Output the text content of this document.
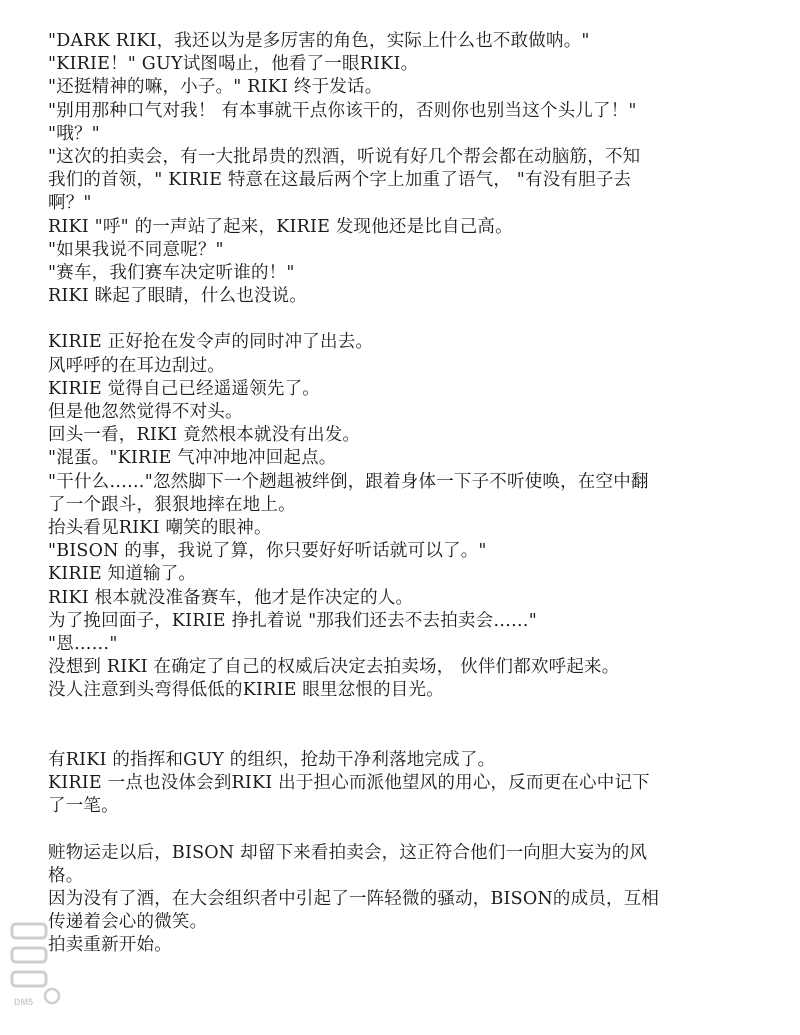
"DARK RIKI，我还以为是多厉害的角色，实际上什么也不敢做呐。"
"KIRIE！" GUY试图喝止，他看了一眼RIKI。
"还挺精神的嘛，小子。" RIKI 终于发话。
"别用那种口气对我！ 有本事就干点你该干的，否则你也别当这个头儿了！"
"哦？"
"这次的拍卖会，有一大批昂贵的烈酒，听说有好几个帮会都在动脑筋，不知
我们的首领，" KIRIE 特意在这最后两个字上加重了语气， "有没有胆子去
啊？"
RIKI "呼" 的一声站了起来，KIRIE 发现他还是比自己高。
"如果我说不同意呢？"
"赛车，我们赛车决定听谁的！"
RIKI 眯起了眼睛，什么也没说。
KIRIE 正好抢在发令声的同时冲了出去。
风呼呼的在耳边刮过。
KIRIE 觉得自己已经遥遥领先了。
但是他忽然觉得不对头。
回头一看，RIKI 竟然根本就没有出发。
"混蛋。"KIRIE 气冲冲地冲回起点。
"干什么……"忽然脚下一个趔趄被绊倒，跟着身体一下子不听使唤，在空中翻
了一个跟斗，狠狠地摔在地上。
抬头看见RIKI 嘲笑的眼神。
"BISON 的事，我说了算，你只要好好听话就可以了。"
KIRIE 知道输了。
RIKI 根本就没准备赛车，他才是作决定的人。
为了挽回面子，KIRIE 挣扎着说 "那我们还去不去拍卖会……"
"恩……"
没想到 RIKI 在确定了自己的权威后决定去拍卖场， 伙伴们都欢呼起来。
没人注意到头弯得低低的KIRIE 眼里忿恨的目光。
有RIKI 的指挥和GUY 的组织，抢劫干净利落地完成了。
KIRIE 一点也没体会到RIKI 出于担心而派他望风的用心，反而更在心中记下
了一笔。
赃物运走以后，BISON 却留下来看拍卖会，这正符合他们一向胆大妄为的风
格。
因为没有了酒，在大会组织者中引起了一阵轻微的骚动，BISON的成员，互相
传递着会心的微笑。
拍卖重新开始。
DM5
